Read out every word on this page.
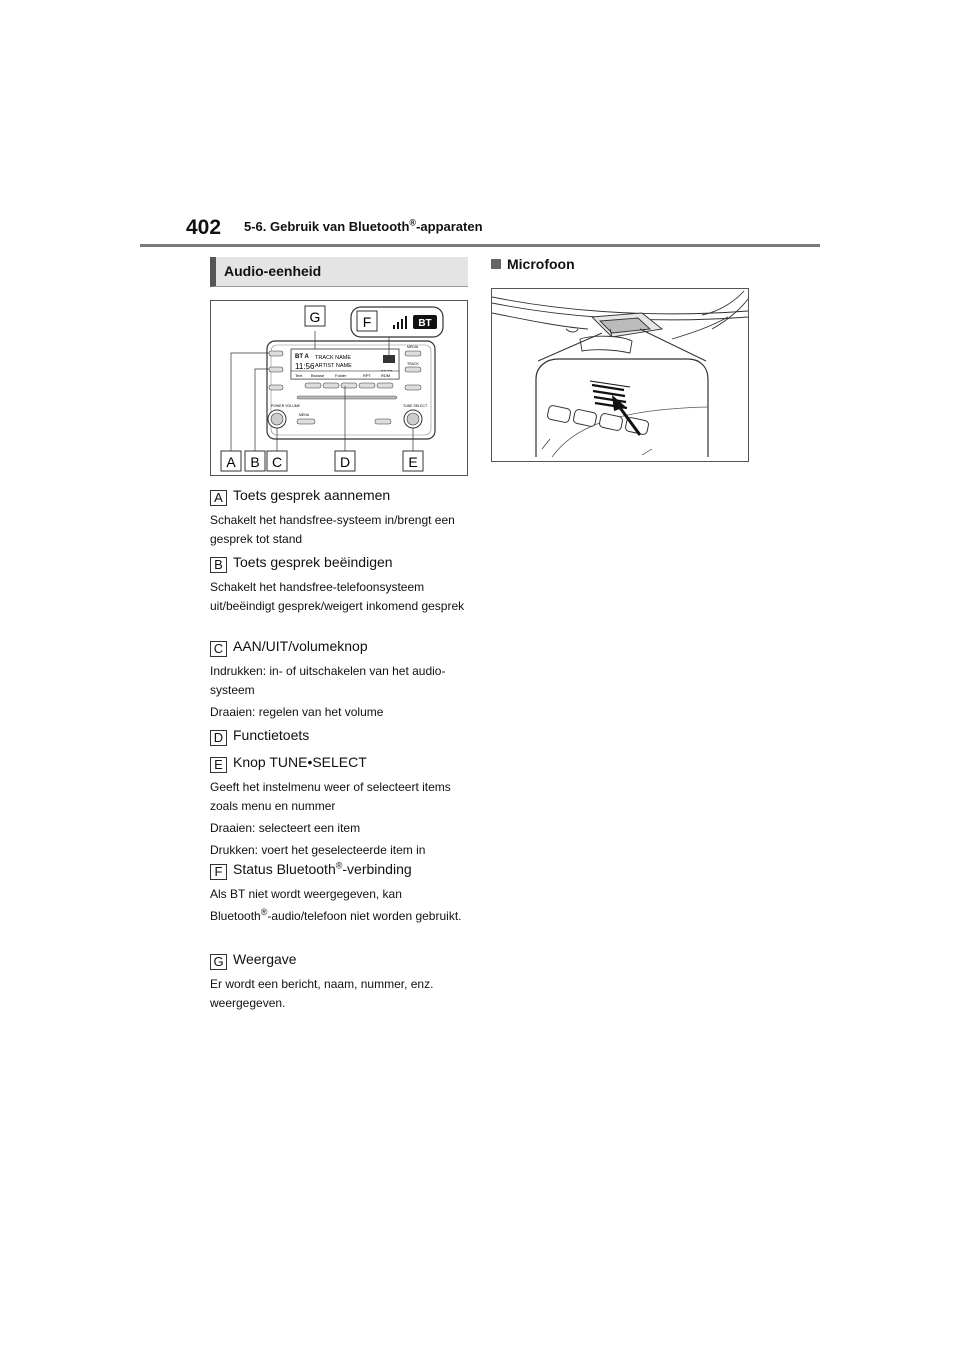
402 5-6. Gebruik van Bluetooth®-apparaten
Audio-eenheid
BT A
11:56
TRACK NAME
ARTIST NAME
Text Browse	Folder	RPT	RDM
POWER VOLUME
MEDIA
TRACK
TUNE SELECT
MENU
G	F	BT
A B C	D	E
A Toets gesprek aannemen

Schakelt het handsfree-systeem in/brengt een gesprek tot stand

B Toets gesprek beëindigen

Schakelt het handsfree-telefoonsysteem uit/beëindigt gesprek/weigert inkomend gesprek

C AAN/UIT/volumeknop

Indrukken: in- of uitschakelen van het audio-systeem

Draaien: regelen van het volume

D Functietoets
E Knop TUNE•SELECT

Geeft het instelmenu weer of selecteert items zoals menu en nummer

Draaien: selecteert een item

Drukken: voert het geselecteerde item in

F Status Bluetooth®-verbinding

Als BT niet wordt weergegeven, kan

Bluetooth®-audio/telefoon niet worden gebruikt.

G Weergave

Er wordt een bericht, naam, nummer, enz. weergegeven.

Microfoon
